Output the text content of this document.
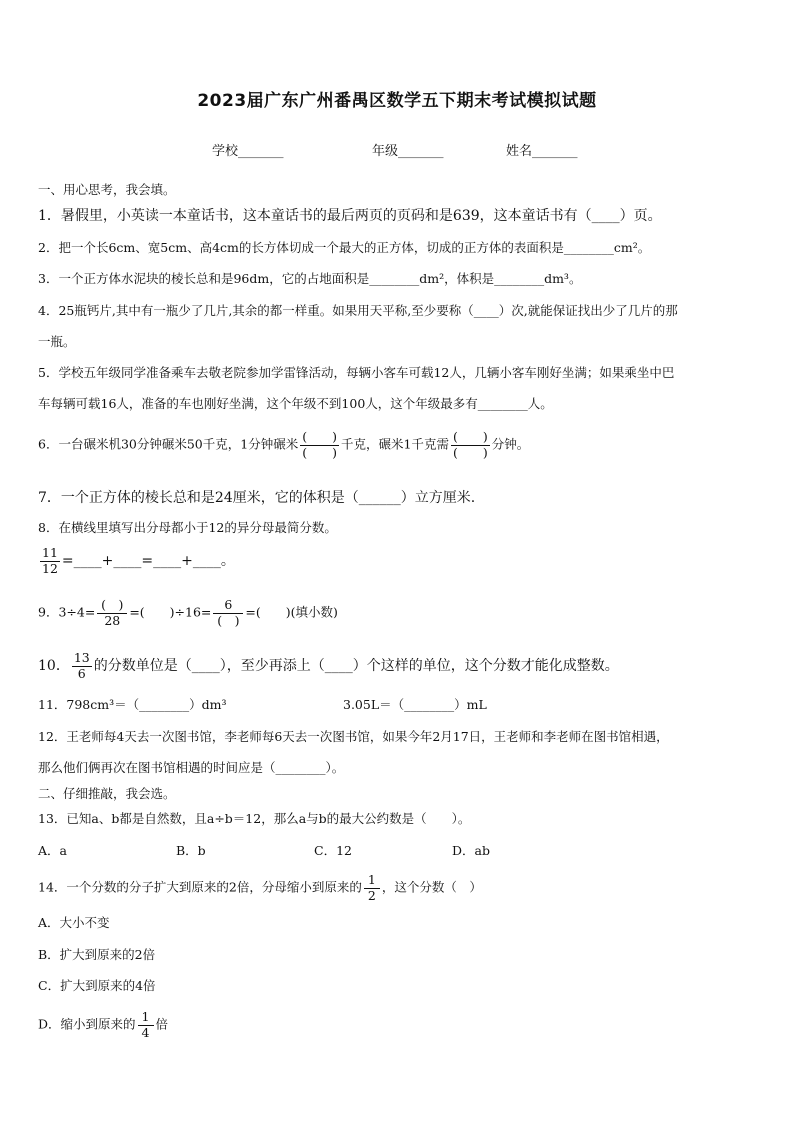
2023届广东广州番禺区数学五下期末考试模拟试题
学校_______	年级_______	姓名_______
一、用心思考，我会填。
1．暑假里，小英读一本童话书，这本童话书的最后两页的页码和是639，这本童话书有（____）页。
2．把一个长6cm、宽5cm、高4cm的长方体切成一个最大的正方体，切成的正方体的表面积是________cm²。
3．一个正方体水泥块的棱长总和是96dm，它的占地面积是________dm²，体积是________dm³。
4．25瓶钙片,其中有一瓶少了几片,其余的都一样重。如果用天平称,至少要称（____）次,就能保证找出少了几片的那
一瓶。
5．学校五年级同学准备乘车去敬老院参加学雷锋活动，每辆小客车可载12人，几辆小客车刚好坐满；如果乘坐中巴
车每辆可载16人，准备的车也刚好坐满，这个年级不到100人，这个年级最多有________人。
6．一台碾米机30分钟碾米50千克，1分钟碾米 $\frac{( )}{( )}$ 千克，碾米1千克需 $\frac{( )}{( )}$ 分钟。
7．一个正方体的棱长总和是24厘米，它的体积是（______）立方厘米.
8．在横线里填写出分母都小于12的异分母最简分数。
$\frac{11}{12}$ =____+____=____+____。
9．$3\div 4= \frac{( )}{28}$ =(　　)$\div 16= \frac{6}{( )}$ =(　　)(填小数)
10． $\frac{13}{6}$ 的分数单位是（____），至少再添上（____）个这样的单位，这个分数才能化成整数。
11．798cm³＝（________）dm³	3.05L＝（________）mL
12．王老师每4天去一次图书馆，李老师每6天去一次图书馆，如果今年2月17日，王老师和李老师在图书馆相遇，
那么他们俩再次在图书馆相遇的时间应是（________）。
二、仔细推敲，我会选。
13．已知a、b都是自然数，且a÷b＝12，那么a与b的最大公约数是（　　）。
A．a	B．b	C．12	D．ab
14．一个分数的分子扩大到原来的2倍，分母缩小到原来的 $\frac{1}{2}$ ，这个分数（　）
A．大小不变
B．扩大到原来的2倍
C．扩大到原来的4倍
D．缩小到原来的 $\frac{1}{4}$ 倍
